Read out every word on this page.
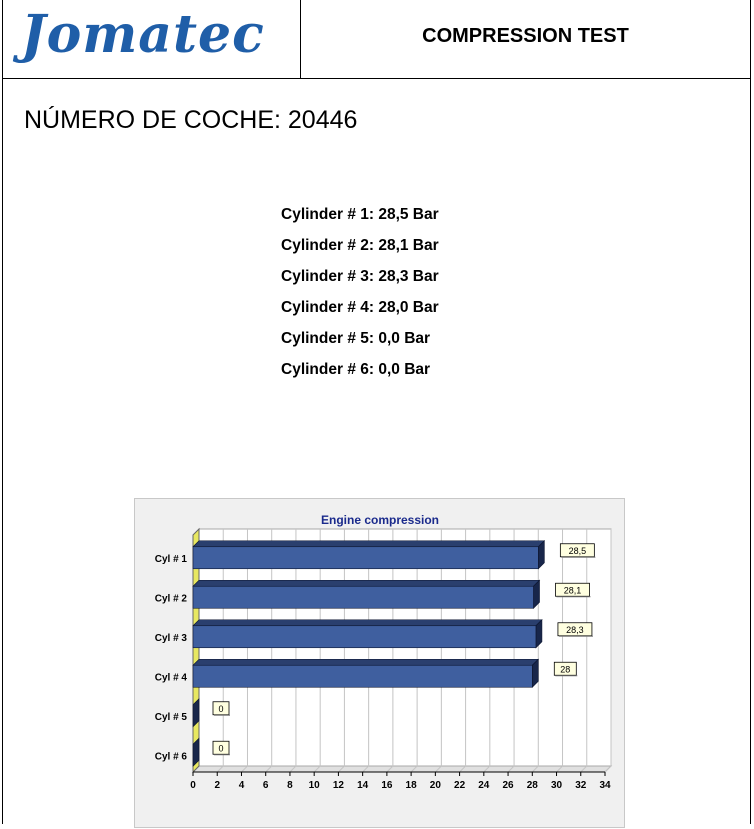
Jomatec	COMPRESSION TEST
NÚMERO DE COCHE: 20446
Cylinder # 1: 28,5 Bar
Cylinder # 2: 28,1 Bar
Cylinder # 3: 28,3 Bar
Cylinder # 4: 28,0 Bar
Cylinder # 5: 0,0 Bar
Cylinder # 6: 0,0 Bar
Engine compression
0 2 4 6 8 10 12 14 16 18 20 22 24 26 28 30 32 34
Cyl # 1
28,5
Cyl # 2
28,1
Cyl # 3
28,3
Cyl # 4
28
Cyl # 5
0
Cyl # 6
0
